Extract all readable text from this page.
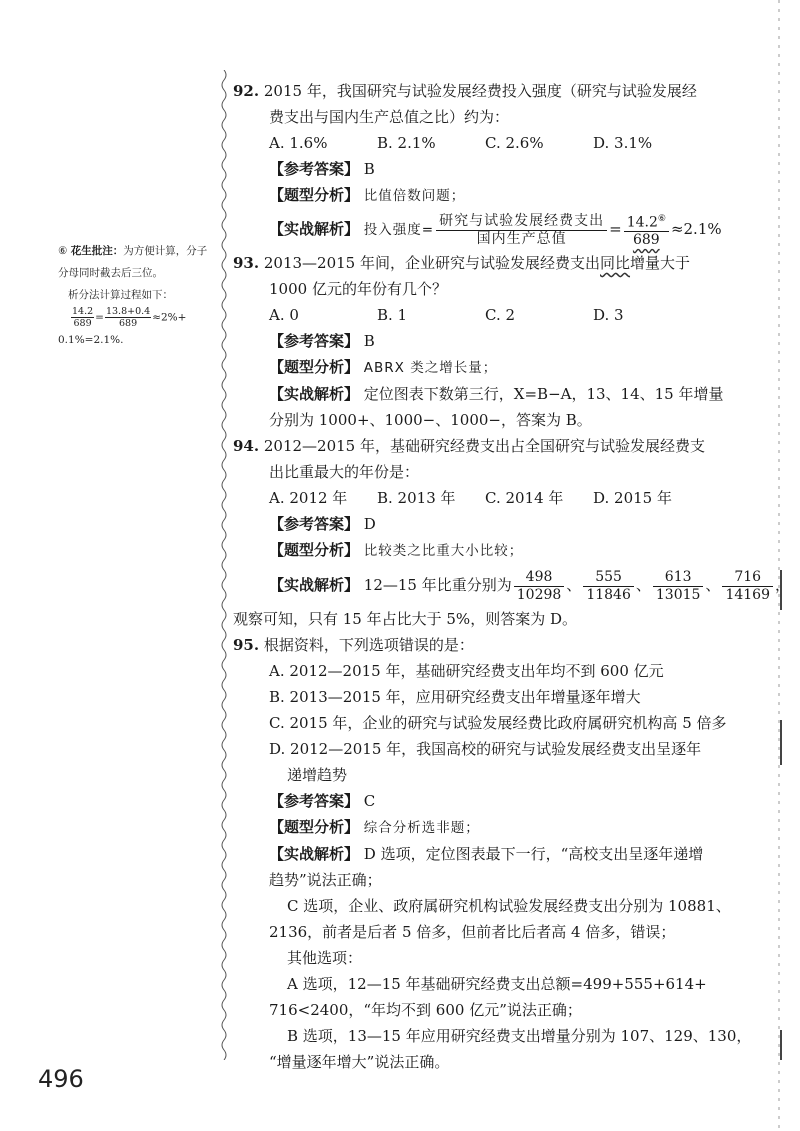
⑥ 花生批注：为方便计算，分子
分母同时截去后三位。
析分法计算过程如下：
$\frac{14.2}{689} = \frac{13.8+0.4}{689} \approx 2\%+$
0.1%=2.1%.
92. 2015 年，我国研究与试验发展经费投入强度（研究与试验发展经
费支出与国内生产总值之比）约为：
A. 1.6%	B. 2.1%	C. 2.6%	D. 3.1%
【参考答案】 B
【题型分析】 比值倍数问题；
【实战解析】 投入强度= $\frac{\text{研究与试验发展经费支出}}{\text{国内生产总值}} = \frac{14.2^⑥}{689} \approx 2.1\%$
93. 2013—2015 年间，企业研究与试验发展经费支出同比增量大于
1000 亿元的年份有几个？
A. 0	B. 1	C. 2	D. 3
【参考答案】 B
【题型分析】 ABRX 类之增长量；
【实战解析】 定位图表下数第三行，X=B−A，13、14、15 年增量
分别为 1000+、1000−、1000−，答案为 B。
94. 2012—2015 年，基础研究经费支出占全国研究与试验发展经费支
出比重最大的年份是：
A. 2012 年	B. 2013 年	C. 2014 年	D. 2015 年
【参考答案】 D
【题型分析】 比较类之比重大小比较；
【实战解析】 12—15 年比重分别为 $\frac{498}{10298}$ 、 $\frac{555}{11846}$ 、 $\frac{613}{13015}$ 、 $\frac{716}{14169}$ ，
观察可知，只有 15 年占比大于 5%，则答案为 D。
95. 根据资料，下列选项错误的是：
A. 2012—2015 年，基础研究经费支出年均不到 600 亿元
B. 2013—2015 年，应用研究经费支出年增量逐年增大
C. 2015 年，企业的研究与试验发展经费比政府属研究机构高 5 倍多
D. 2012—2015 年，我国高校的研究与试验发展经费支出呈逐年
递增趋势
【参考答案】 C
【题型分析】 综合分析选非题；
【实战解析】 D 选项，定位图表最下一行，“高校支出呈逐年递增
趋势”说法正确；
C 选项，企业、政府属研究机构试验发展经费支出分别为 10881、
2136，前者是后者 5 倍多，但前者比后者高 4 倍多，错误；
其他选项：
A 选项，12—15 年基础研究经费支出总额=499+555+614+
716<2400，“年均不到 600 亿元”说法正确；
B 选项，13—15 年应用研究经费支出增量分别为 107、129、130，
“增量逐年增大”说法正确。
496
